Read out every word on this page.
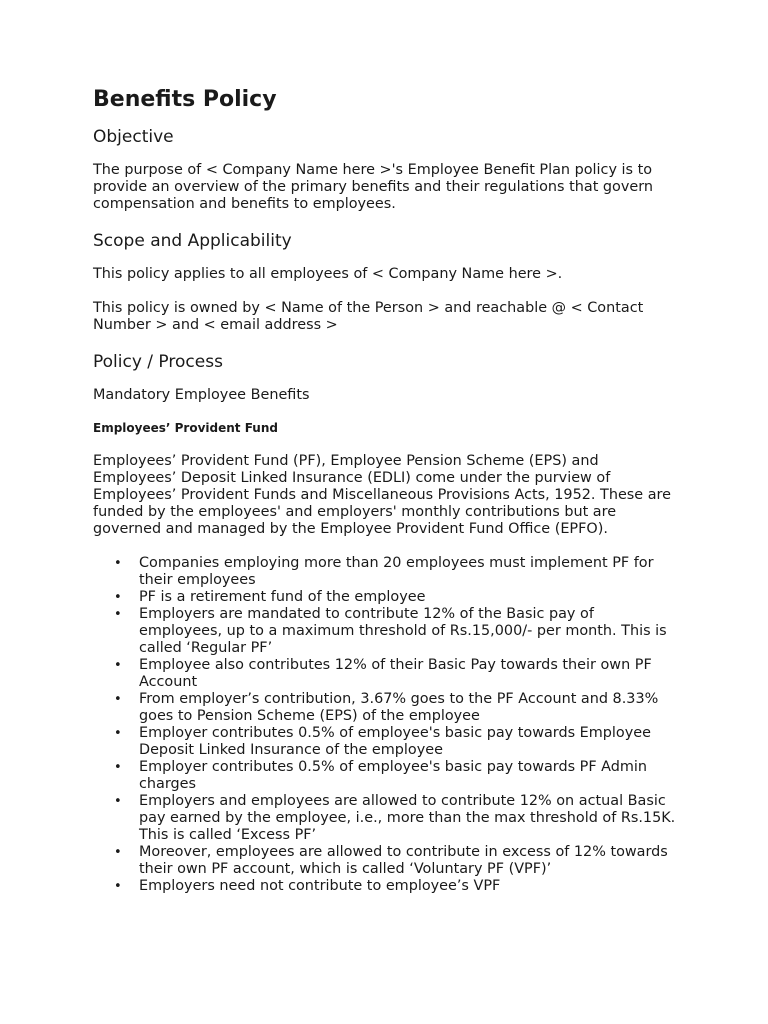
Benefits Policy
Objective

The purpose of < Company Name here >'s Employee Benefit Plan policy is to provide an overview of the primary benefits and their regulations that govern compensation and benefits to employees.

Scope and Applicability

This policy applies to all employees of < Company Name here >.

This policy is owned by < Name of the Person > and reachable @ < Contact Number > and < email address >

Policy / Process

Mandatory Employee Benefits

Employees’ Provident Fund

Employees’ Provident Fund (PF), Employee Pension Scheme (EPS) and Employees’ Deposit Linked Insurance (EDLI) come under the purview of Employees’ Provident Funds and Miscellaneous Provisions Acts, 1952. These are funded by the employees' and employers' monthly contributions but are governed and managed by the Employee Provident Fund Office (EPFO).

• Companies employing more than 20 employees must implement PF for their employees
• PF is a retirement fund of the employee
• Employers are mandated to contribute 12% of the Basic pay of employees, up to a maximum threshold of Rs.15,000/- per month. This is called ‘Regular PF’
• Employee also contributes 12% of their Basic Pay towards their own PF Account
• From employer’s contribution, 3.67% goes to the PF Account and 8.33% goes to Pension Scheme (EPS) of the employee
• Employer contributes 0.5% of employee's basic pay towards Employee Deposit Linked Insurance of the employee
• Employer contributes 0.5% of employee's basic pay towards PF Admin charges
• Employers and employees are allowed to contribute 12% on actual Basic pay earned by the employee, i.e., more than the max threshold of Rs.15K. This is called ‘Excess PF’
• Moreover, employees are allowed to contribute in excess of 12% towards their own PF account, which is called ‘Voluntary PF (VPF)’
• Employers need not contribute to employee’s VPF
